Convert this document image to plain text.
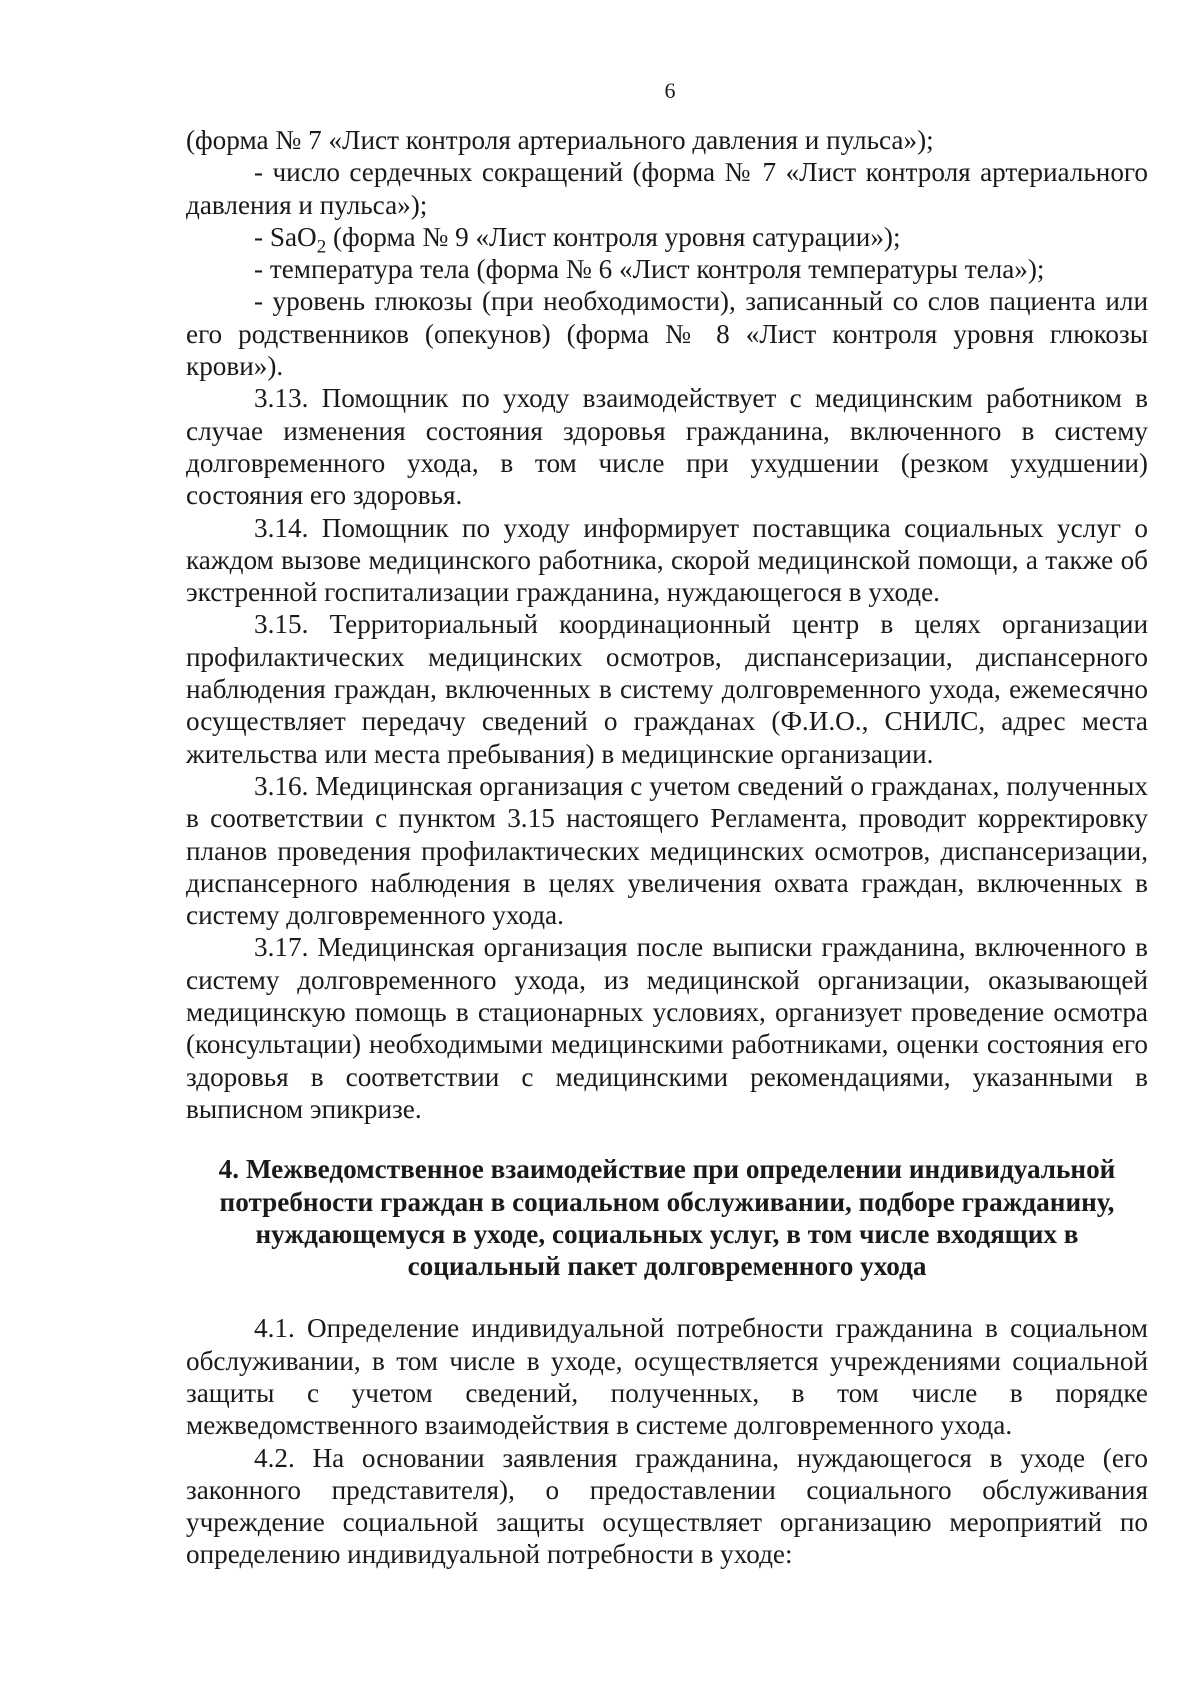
6

(форма № 7 «Лист контроля артериального давления и пульса»);

- число сердечных сокращений (форма № 7 «Лист контроля артериального давления и пульса»);

- SaO$_2$ (форма № 9 «Лист контроля уровня сатурации»);

- температура тела (форма № 6 «Лист контроля температуры тела»);

- уровень глюкозы (при необходимости), записанный со слов пациента или его родственников (опекунов) (форма № 8 «Лист контроля уровня глюкозы крови»).

3.13. Помощник по уходу взаимодействует с медицинским работником в случае изменения состояния здоровья гражданина, включенного в систему долговременного ухода, в том числе при ухудшении (резком ухудшении) состояния его здоровья.

3.14. Помощник по уходу информирует поставщика социальных услуг о каждом вызове медицинского работника, скорой медицинской помощи, а также об экстренной госпитализации гражданина, нуждающегося в уходе.

3.15. Территориальный координационный центр в целях организации профилактических медицинских осмотров, диспансеризации, диспансерного наблюдения граждан, включенных в систему долговременного ухода, ежемесячно осуществляет передачу сведений о гражданах (Ф.И.О., СНИЛС, адрес места жительства или места пребывания) в медицинские организации.

3.16. Медицинская организация с учетом сведений о гражданах, полученных в соответствии с пунктом 3.15 настоящего Регламента, проводит корректировку планов проведения профилактических медицинских осмотров, диспансеризации, диспансерного наблюдения в целях увеличения охвата граждан, включенных в систему долговременного ухода.

3.17. Медицинская организация после выписки гражданина, включенного в систему долговременного ухода, из медицинской организации, оказывающей медицинскую помощь в стационарных условиях, организует проведение осмотра (консультации) необходимыми медицинскими работниками, оценки состояния его здоровья в соответствии с медицинскими рекомендациями, указанными в выписном эпикризе.

4. Межведомственное взаимодействие при определении индивидуальной потребности граждан в социальном обслуживании, подборе гражданину, нуждающемуся в уходе, социальных услуг, в том числе входящих в социальный пакет долговременного ухода

4.1. Определение индивидуальной потребности гражданина в социальном обслуживании, в том числе в уходе, осуществляется учреждениями социальной защиты с учетом сведений, полученных, в том числе в порядке межведомственного взаимодействия в системе долговременного ухода.

4.2. На основании заявления гражданина, нуждающегося в уходе (его законного представителя), о предоставлении социального обслуживания учреждение социальной защиты осуществляет организацию мероприятий по определению индивидуальной потребности в уходе:
